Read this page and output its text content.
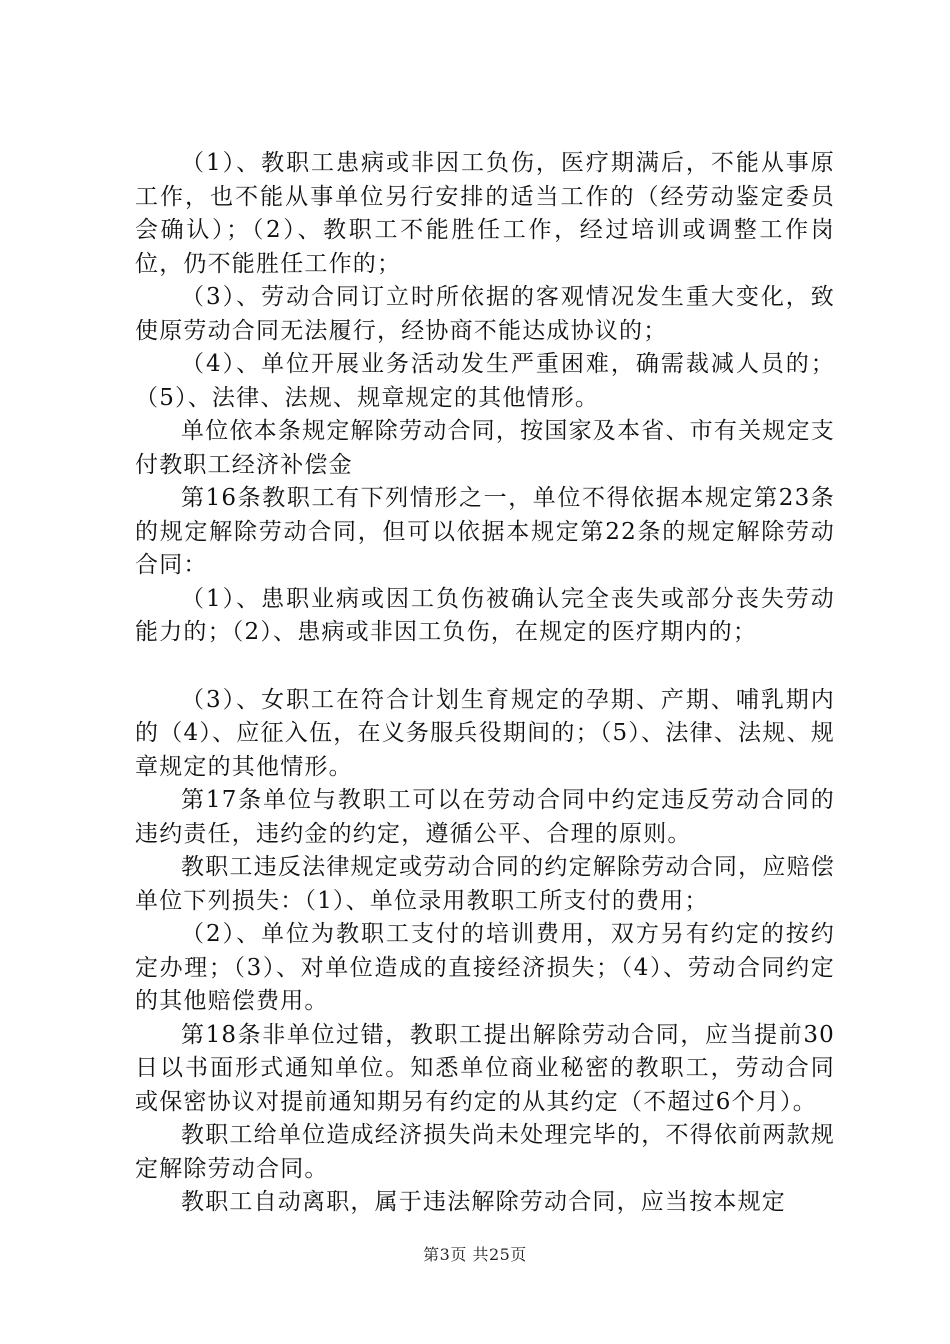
（1）、教职工患病或非因工负伤，医疗期满后，不能从事原工作，也不能从事单位另行安排的适当工作的（经劳动鉴定委员会确认）；（2）、教职工不能胜任工作，经过培训或调整工作岗位，仍不能胜任工作的；

（3）、劳动合同订立时所依据的客观情况发生重大变化，致使原劳动合同无法履行，经协商不能达成协议的；

（4）、单位开展业务活动发生严重困难，确需裁减人员的；（5）、法律、法规、规章规定的其他情形。

单位依本条规定解除劳动合同，按国家及本省、市有关规定支付教职工经济补偿金

第16条教职工有下列情形之一，单位不得依据本规定第23条的规定解除劳动合同，但可以依据本规定第22条的规定解除劳动合同：

（1）、患职业病或因工负伤被确认完全丧失或部分丧失劳动能力的；（2）、患病或非因工负伤，在规定的医疗期内的；

（3）、女职工在符合计划生育规定的孕期、产期、哺乳期内的（4）、应征入伍，在义务服兵役期间的；（5）、法律、法规、规章规定的其他情形。

第17条单位与教职工可以在劳动合同中约定违反劳动合同的违约责任，违约金的约定，遵循公平、合理的原则。

教职工违反法律规定或劳动合同的约定解除劳动合同，应赔偿单位下列损失：（1）、单位录用教职工所支付的费用；

（2）、单位为教职工支付的培训费用，双方另有约定的按约定办理；（3）、对单位造成的直接经济损失；（4）、劳动合同约定的其他赔偿费用。

第18条非单位过错，教职工提出解除劳动合同，应当提前30日以书面形式通知单位。知悉单位商业秘密的教职工，劳动合同或保密协议对提前通知期另有约定的从其约定（不超过6个月）。

教职工给单位造成经济损失尚未处理完毕的，不得依前两款规定解除劳动合同。

教职工自动离职，属于违法解除劳动合同，应当按本规定

第3页 共25页
